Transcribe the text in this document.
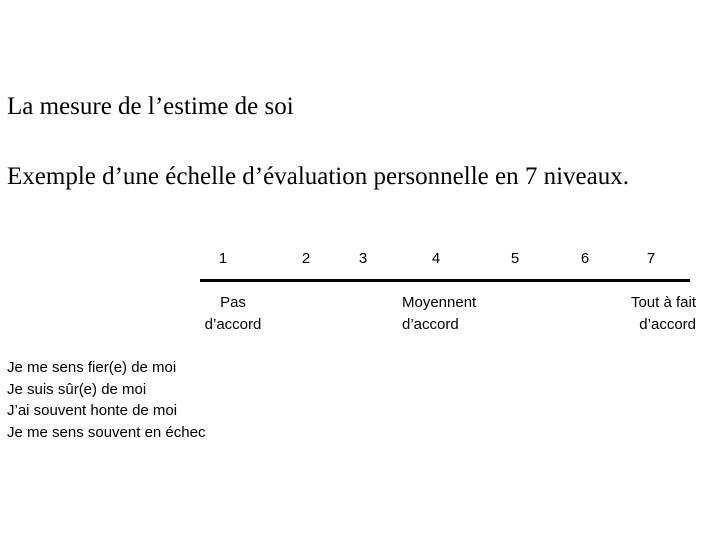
La mesure de l’estime de soi
Exemple d’une échelle d’évaluation personnelle en 7 niveaux.
1	2	3	4	5	6	7
Pas
d’accord
Moyennent
d’accord
Tout à fait
d’accord
Je me sens fier(e) de moi
Je suis sûr(e) de moi
J’ai souvent honte de moi
Je me sens souvent en échec
